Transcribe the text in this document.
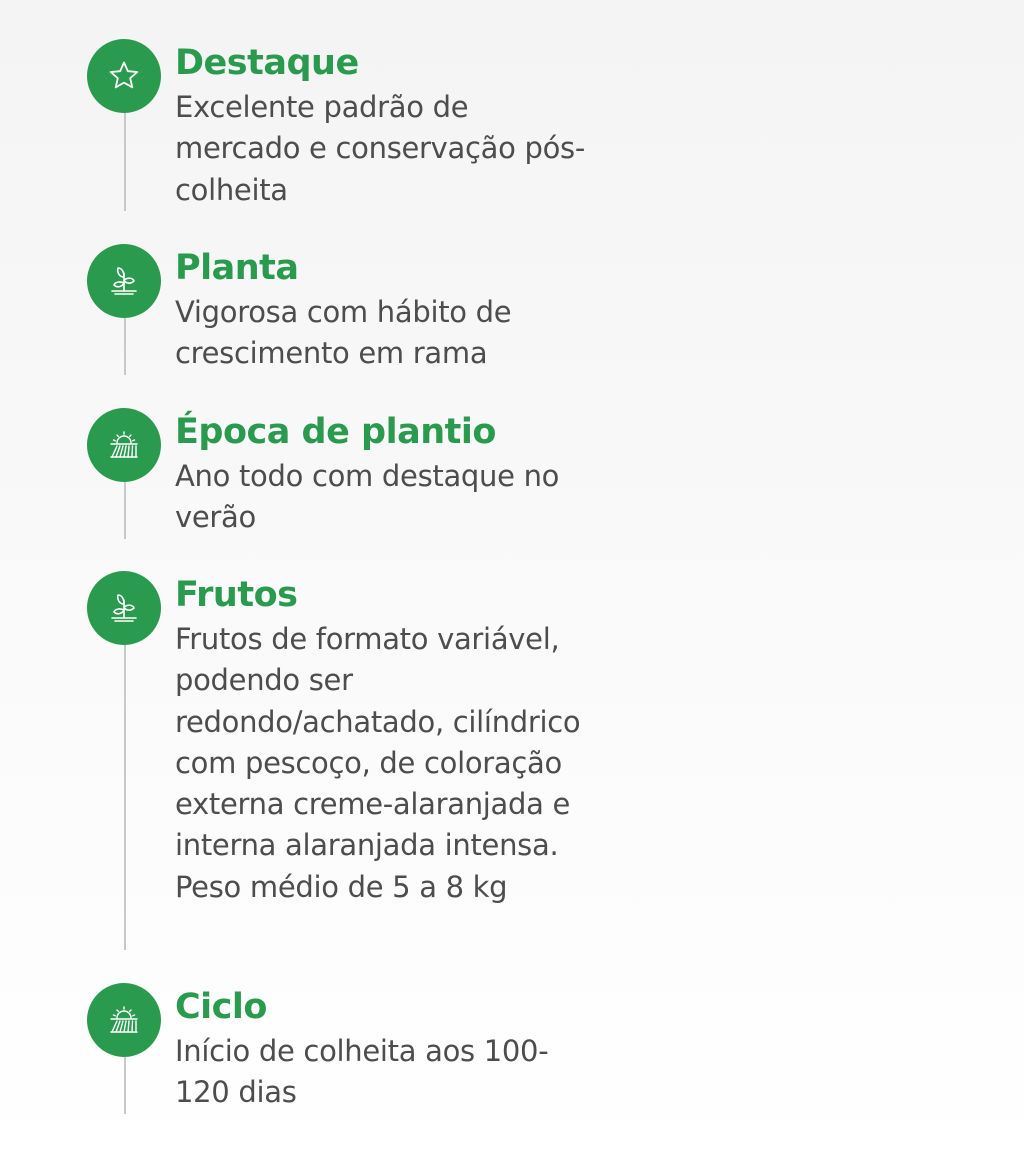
Destaque

Excelente padrão de mercado e conservação pós-colheita

Planta

Vigorosa com hábito de crescimento em rama

Época de plantio

Ano todo com destaque no verão

Frutos

Frutos de formato variável, podendo ser redondo/achatado, cilíndrico com pescoço, de coloração externa creme-alaranjada e interna alaranjada intensa. Peso médio de 5 a 8 kg

Ciclo

Início de colheita aos 100-120 dias
